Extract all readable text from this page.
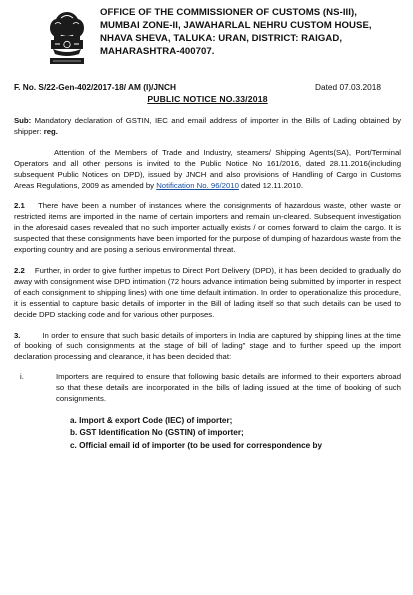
OFFICE OF THE COMMISSIONER OF CUSTOMS (NS-III),
MUMBAI ZONE-II, JAWAHARLAL NEHRU CUSTOM HOUSE,
NHAVA SHEVA, TALUKA: URAN, DISTRICT: RAIGAD,
MAHARASHTRA-400707.
F. No. S/22-Gen-402/2017-18/ AM (I)/JNCH	Dated 07.03.2018
PUBLIC NOTICE NO.33/2018

Sub: Mandatory declaration of GSTIN, IEC and email address of importer in the Bills of Lading obtained by shipper: reg.

Attention of the Members of Trade and Industry, steamers/ Shipping Agents(SA), Port/Terminal Operators and all other persons is invited to the Public Notice No 161/2016, dated 28.11.2016(including subsequent Public Notices on DPD), issued by JNCH and also provisions of Handling of Cargo in Customs Areas Regulations, 2009 as amended by Notification No. 96/2010 dated 12.11.2010.

2.1 There have been a number of instances where the consignments of hazardous waste, other waste or restricted items are imported in the name of certain importers and remain un-cleared. Subsequent investigation in the aforesaid cases revealed that no such importer actually exists / or comes forward to claim the cargo. It is suspected that these consignments have been imported for the purpose of dumping of hazardous waste from the exporting country and are posing a serious environmental threat.

2.2 Further, in order to give further impetus to Direct Port Delivery (DPD), it has been decided to gradually do away with consignment wise DPD intimation (72 hours advance intimation being submitted by importer in respect of each consignment to shipping lines) with one time default intimation. In order to operationalize this procedure, it is essential to capture basic details of importer in the Bill of lading itself so that such details can be used to decide DPD stacking code and for various other purposes.

3.	In order to ensure that such basic details of importers in India are captured by shipping lines at the time of booking of such consignments at the stage of bill of lading" stage and to further speed up the import declaration processing and clearance, it has been decided that:

i.	Importers are required to ensure that following basic details are informed to their exporters abroad so that these details are incorporated in the bills of lading issued at the time of booking of such consignments.

a. Import & export Code (IEC) of importer;
b. GST Identification No (GSTIN) of importer;
c. Official email id of importer (to be used for correspondence by
